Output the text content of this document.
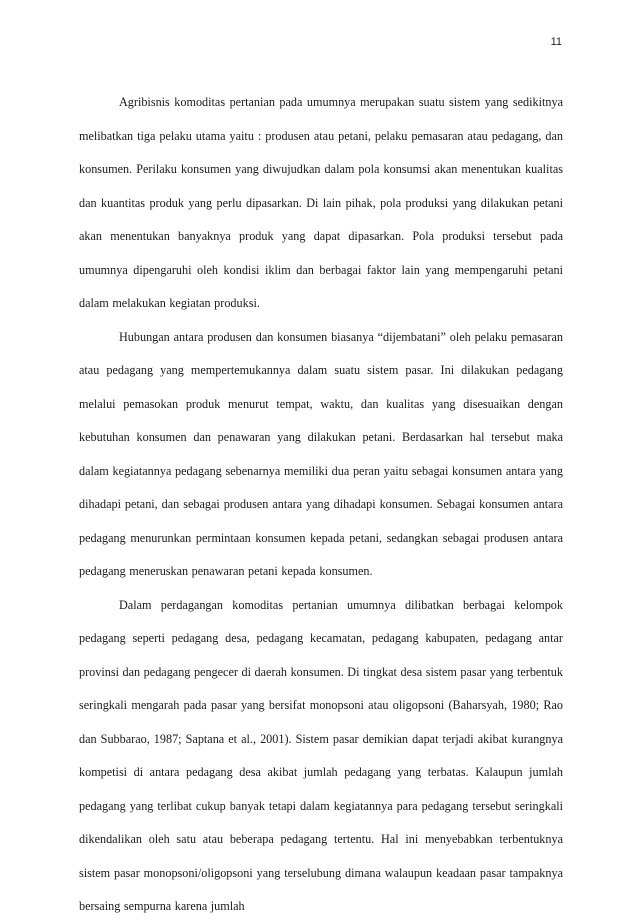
11

Agribisnis komoditas pertanian pada umumnya merupakan suatu sistem yang sedikitnya melibatkan tiga pelaku utama yaitu : produsen atau petani, pelaku pemasaran atau pedagang, dan konsumen. Perilaku konsumen yang diwujudkan dalam pola konsumsi akan menentukan kualitas dan kuantitas produk yang perlu dipasarkan. Di lain pihak, pola produksi yang dilakukan petani akan menentukan banyaknya produk yang dapat dipasarkan. Pola produksi tersebut pada umumnya dipengaruhi oleh kondisi iklim dan berbagai faktor lain yang mempengaruhi petani dalam melakukan kegiatan produksi.

Hubungan antara produsen dan konsumen biasanya “dijembatani” oleh pelaku pemasaran atau pedagang yang mempertemukannya dalam suatu sistem pasar. Ini dilakukan pedagang melalui pemasokan produk menurut tempat, waktu, dan kualitas yang disesuaikan dengan kebutuhan konsumen dan penawaran yang dilakukan petani. Berdasarkan hal tersebut maka dalam kegiatannya pedagang sebenarnya memiliki dua peran yaitu sebagai konsumen antara yang dihadapi petani, dan sebagai produsen antara yang dihadapi konsumen. Sebagai konsumen antara pedagang menurunkan permintaan konsumen kepada petani, sedangkan sebagai produsen antara pedagang meneruskan penawaran petani kepada konsumen.

Dalam perdagangan komoditas pertanian umumnya dilibatkan berbagai kelompok pedagang seperti pedagang desa, pedagang kecamatan, pedagang kabupaten, pedagang antar provinsi dan pedagang pengecer di daerah konsumen. Di tingkat desa sistem pasar yang terbentuk seringkali mengarah pada pasar yang bersifat monopsoni atau oligopsoni (Baharsyah, 1980; Rao dan Subbarao, 1987; Saptana et al., 2001). Sistem pasar demikian dapat terjadi akibat kurangnya kompetisi di antara pedagang desa akibat jumlah pedagang yang terbatas. Kalaupun jumlah pedagang yang terlibat cukup banyak tetapi dalam kegiatannya para pedagang tersebut seringkali dikendalikan oleh satu atau beberapa pedagang tertentu. Hal ini menyebabkan terbentuknya sistem pasar monopsoni/oligopsoni yang terselubung dimana walaupun keadaan pasar tampaknya bersaing sempurna karena jumlah
